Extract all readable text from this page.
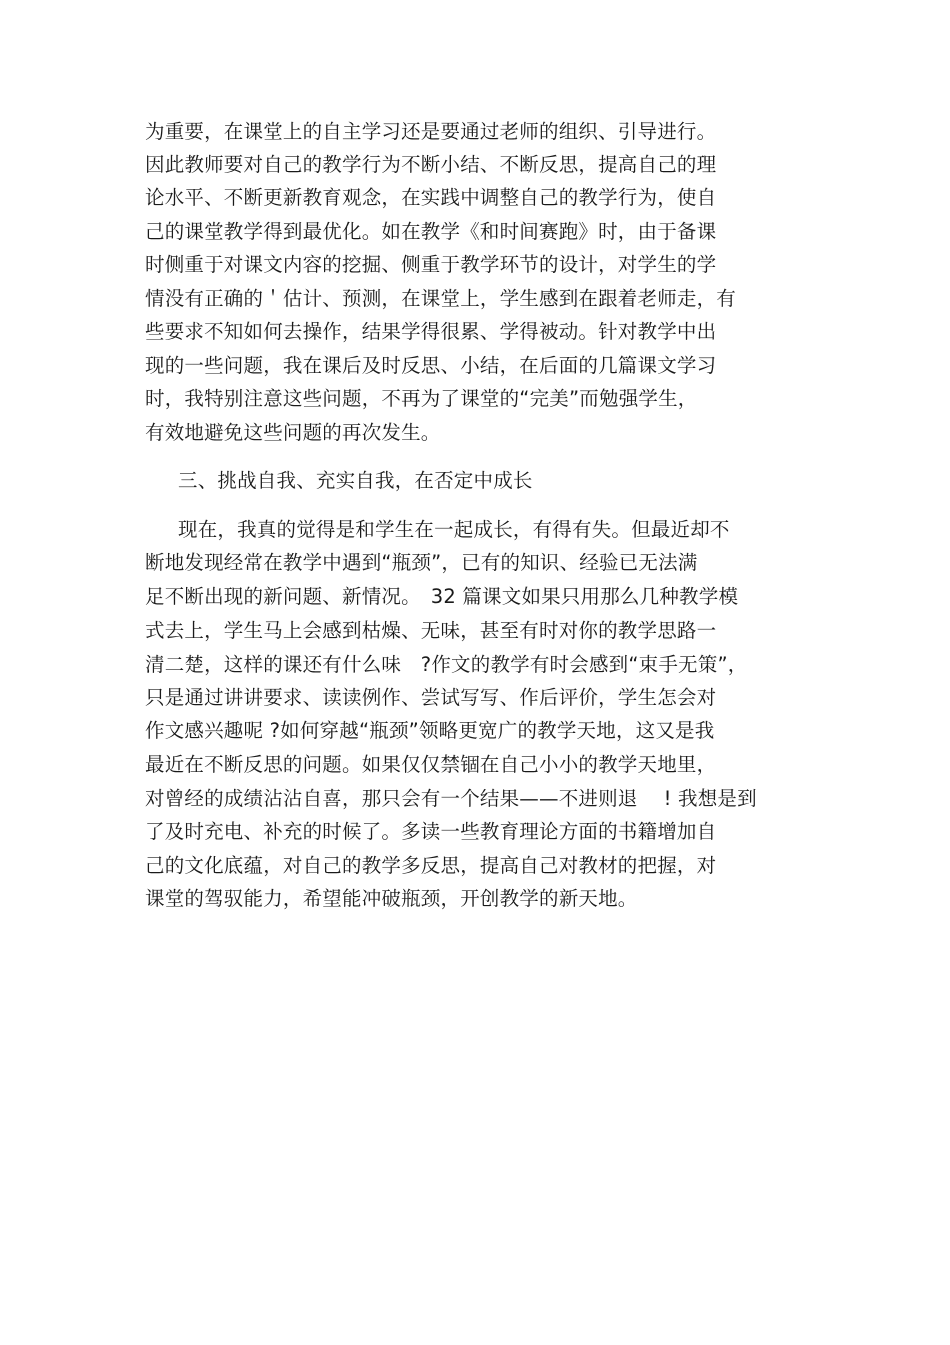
为重要，在课堂上的自主学习还是要通过老师的组织、引导进行。
因此教师要对自己的教学行为不断小结、不断反思，提高自己的理
论水平、不断更新教育观念，在实践中调整自己的教学行为，使自
己的课堂教学得到最优化。如在教学《和时间赛跑》时，由于备课
时侧重于对课文内容的挖掘、侧重于教学环节的设计，对学生的学
情没有正确的＇估计、预测，在课堂上，学生感到在跟着老师走，有
些要求不知如何去操作，结果学得很累、学得被动。针对教学中出
现的一些问题，我在课后及时反思、小结，在后面的几篇课文学习
时，我特别注意这些问题，不再为了课堂的“完美”而勉强学生，
有效地避免这些问题的再次发生。
三、挑战自我、充实自我，在否定中成长
现在，我真的觉得是和学生在一起成长，有得有失。但最近却不
断地发现经常在教学中遇到“瓶颈”，已有的知识、经验已无法满
足不断出现的新问题、新情况。　32 篇课文如果只用那么几种教学模
式去上，学生马上会感到枯燥、无味，甚至有时对你的教学思路一
清二楚，这样的课还有什么味　?作文的教学有时会感到“束手无策”，
只是通过讲讲要求、读读例作、尝试写写、作后评价，学生怎会对
作文感兴趣呢 ?如何穿越“瓶颈”领略更宽广的教学天地，这又是我
最近在不断反思的问题。如果仅仅禁锢在自己小小的教学天地里，
对曾经的成绩沾沾自喜，那只会有一个结果——不进则退　 ! 我想是到
了及时充电、补充的时候了。多读一些教育理论方面的书籍增加自
己的文化底蕴，对自己的教学多反思，提高自己对教材的把握，对
课堂的驾驭能力，希望能冲破瓶颈，开创教学的新天地。
